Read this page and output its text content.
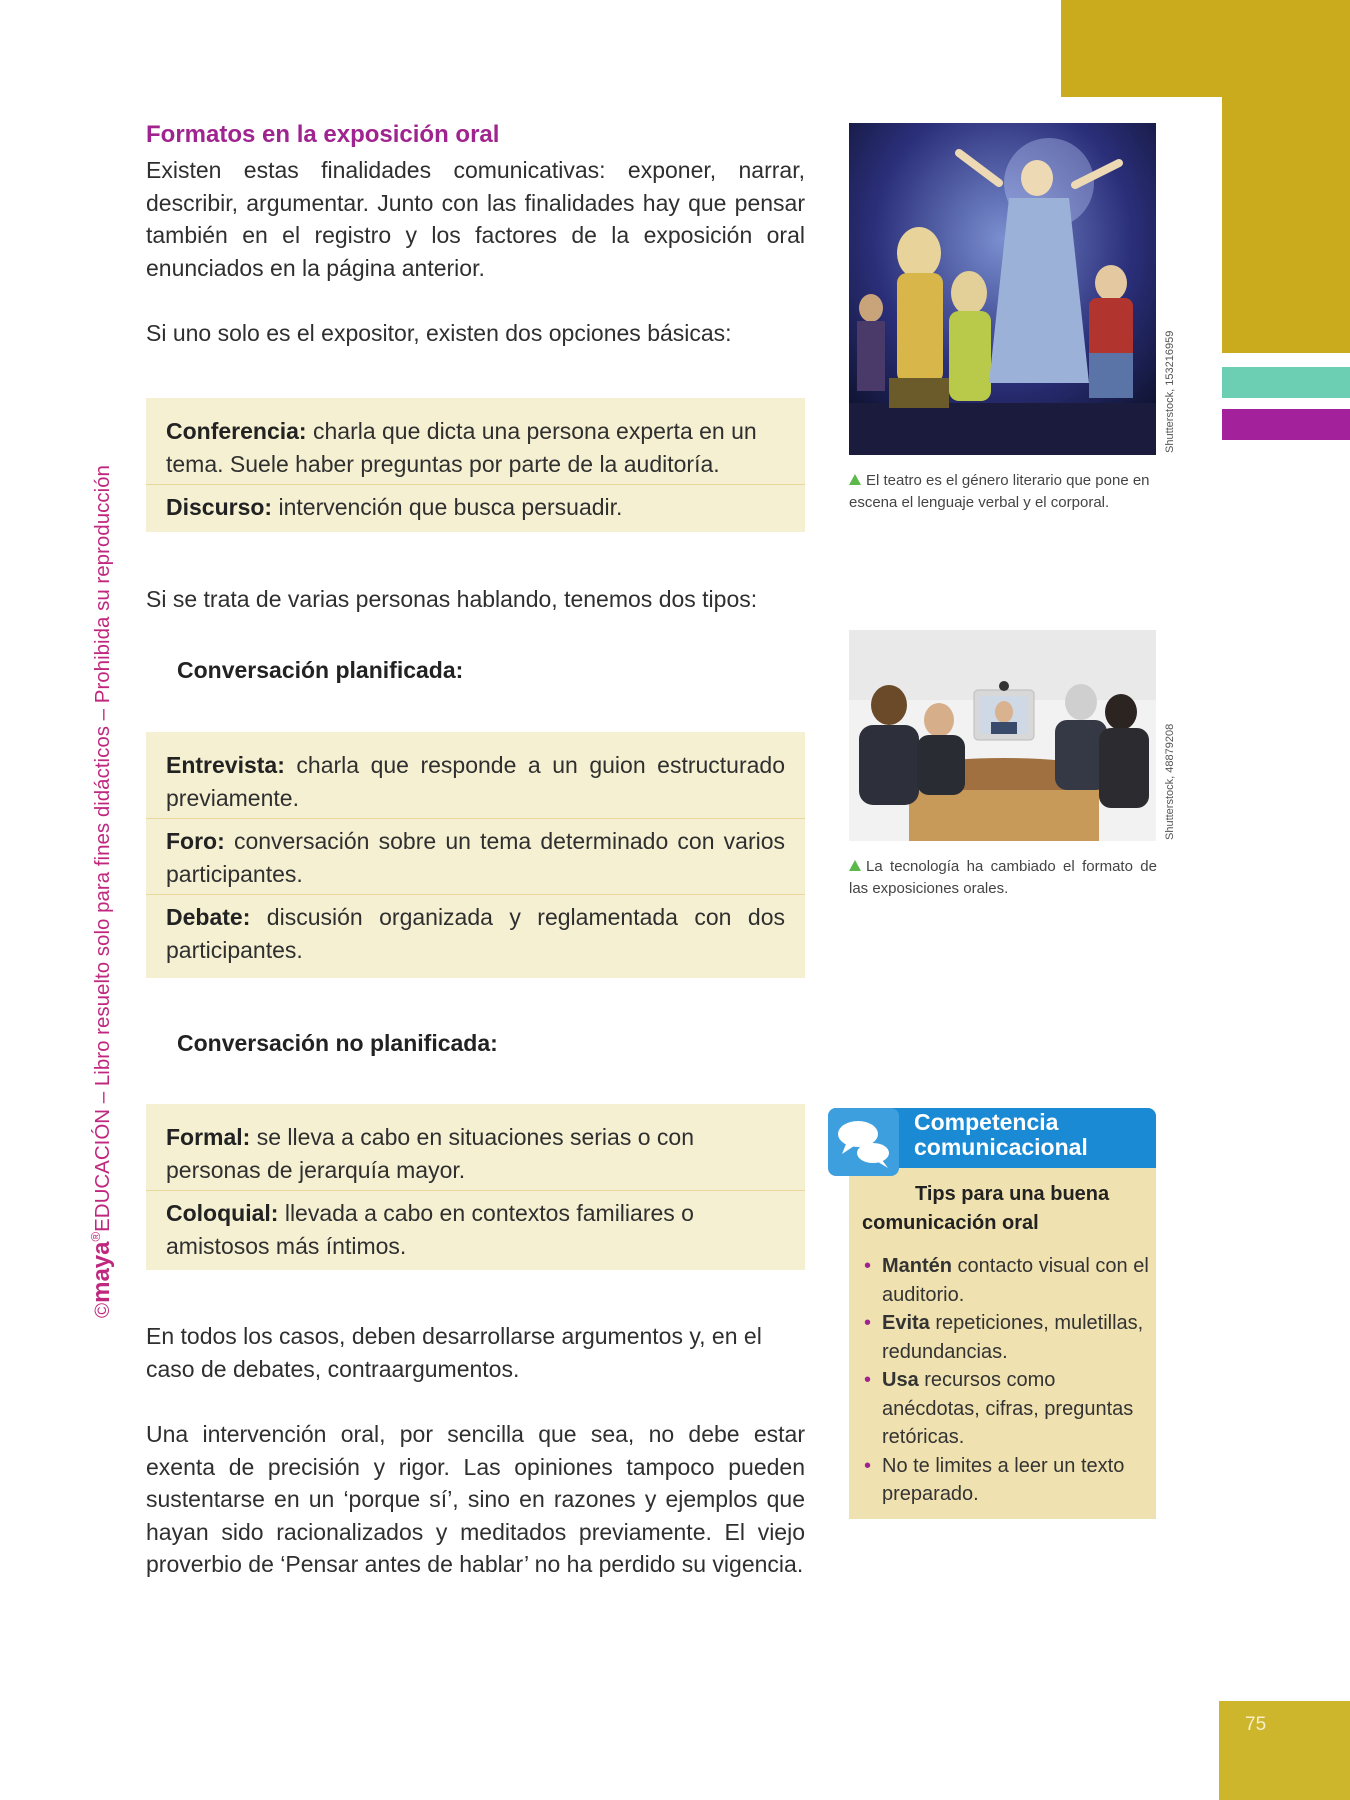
Formatos en la exposición oral
Existen estas finalidades comunicativas: exponer, narrar, describir, argumentar. Junto con las finalidades hay que pensar también en el registro y los factores de la exposición oral enunciados en la página anterior.
Si uno solo es el expositor, existen dos opciones básicas:
Conferencia: charla que dicta una persona experta en un tema. Suele haber preguntas por parte de la auditoría.
Discurso: intervención que busca persuadir.
Si se trata de varias personas hablando, tenemos dos tipos:
Conversación planificada:
Entrevista: charla que responde a un guion estructurado previamente.
Foro: conversación sobre un tema determinado con varios participantes.
Debate: discusión organizada y reglamentada con dos participantes.
Conversación no planificada:
Formal: se lleva a cabo en situaciones serias o con personas de jerarquía mayor.
Coloquial: llevada a cabo en contextos familiares o amistosos más íntimos.
En todos los casos, deben desarrollarse argumentos y, en el caso de debates, contraargumentos.
Una intervención oral, por sencilla que sea, no debe estar exenta de precisión y rigor. Las opiniones tampoco pueden sustentarse en un ‘porque sí’, sino en razones y ejemplos que hayan sido racionalizados y meditados previamente. El viejo proverbio de ‘Pensar antes de hablar’ no ha perdido su vigencia.
Shutterstock, 153216959
El teatro es el género literario que pone en escena el lenguaje verbal y el corporal.
Shutterstock, 48879208
La tecnología ha cambiado el formato de las exposiciones orales.
Competencia
comunicacional
Tips para una buena comunicación oral
• Mantén contacto visual con el auditorio.
• Evita repeticiones, muletillas, redundancias.
• Usa recursos como anécdotas, cifras, preguntas retóricas.
• No te limites a leer un texto preparado.
©maya®EDUCACIÓN – Libro resuelto solo para fines didácticos – Prohibida su reproducción
75
